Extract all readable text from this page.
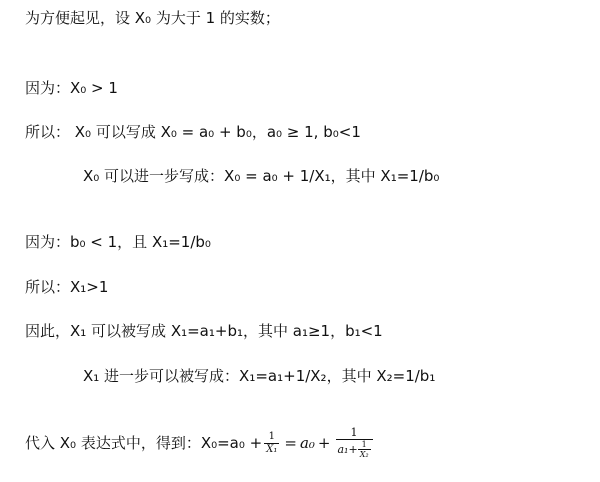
为方便起见，设 X₀ 为大于 1 的实数；
因为：X₀ > 1
所以： X₀ 可以写成 X₀ = a₀ + b₀，a₀ ≥ 1, b₀<1
X₀ 可以进一步写成：X₀ = a₀ + 1/X₁，其中 X₁=1/b₀
因为：b₀ < 1，且 X₁=1/b₀
所以：X₁>1
因此，X₁ 可以被写成 X₁=a₁+b₁，其中 a₁≥1，b₁<1
X₁ 进一步可以被写成：X₁=a₁+1/X₂，其中 X₂=1/b₁
代入 X₀ 表达式中，得到：$X_0=a_0 + \frac{1}{\text{X₁}} = a_0 + \frac{1}{a_1+ \frac{1}{\text{X₂}}}$
